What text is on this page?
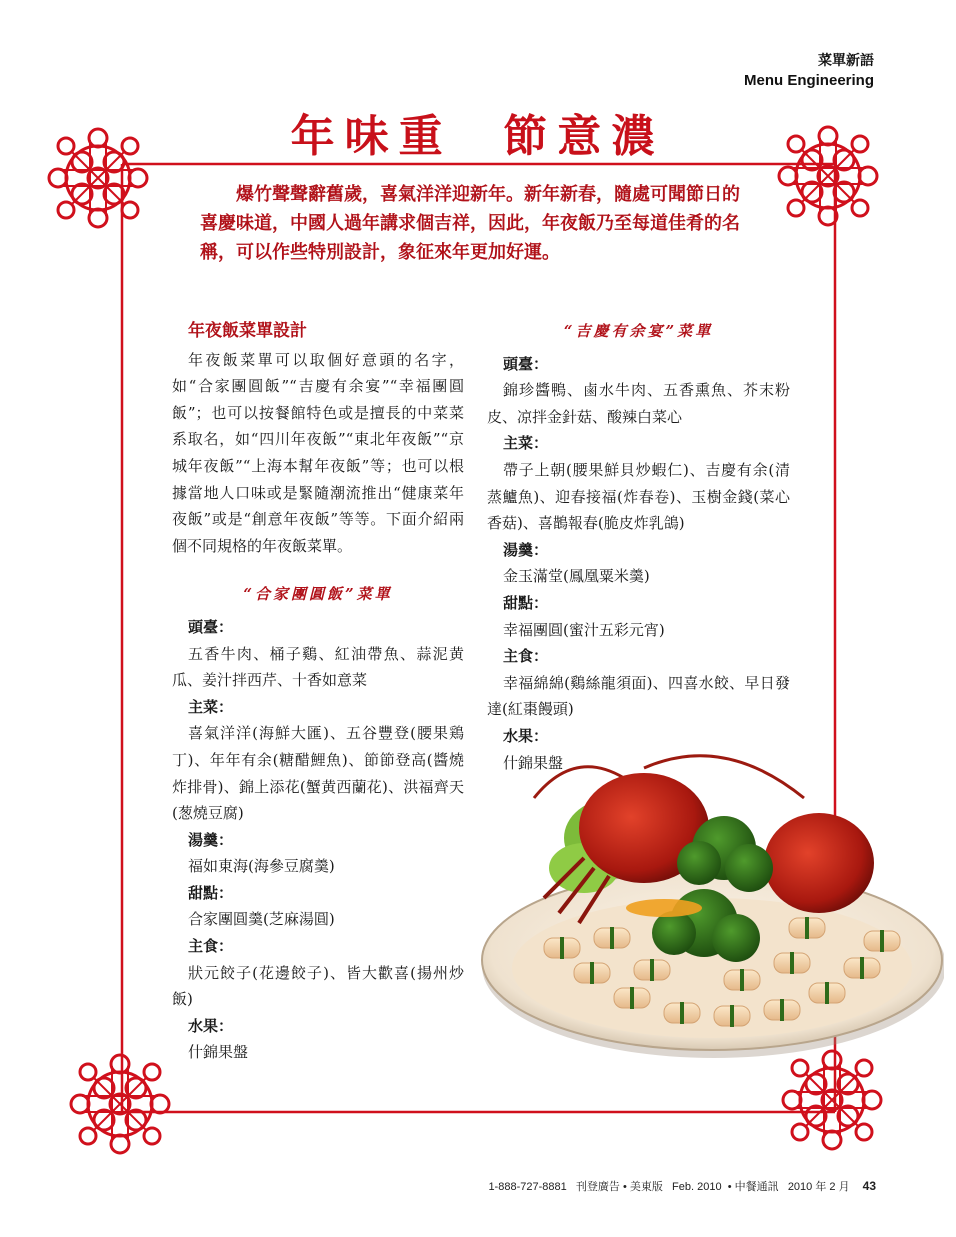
菜單新語
Menu Engineering
年味重  節意濃
爆竹聲聲辭舊歲，喜氣洋洋迎新年。新年新春，隨處可聞節日的喜慶味道，中國人過年講求個吉祥，因此，年夜飯乃至每道佳肴的名稱，可以作些特別設計，象征來年更加好運。
年夜飯菜單設計
年夜飯菜單可以取個好意頭的名字，如“合家團圓飯”“吉慶有余宴”“幸福團圓飯”；也可以按餐館特色或是擅長的中菜菜系取名，如“四川年夜飯”“東北年夜飯”“京城年夜飯”“上海本幫年夜飯”等；也可以根據當地人口味或是緊隨潮流推出“健康菜年夜飯”或是“創意年夜飯”等等。下面介紹兩個不同規格的年夜飯菜單。
“合家團圓飯”菜單
頭臺：
五香牛肉、桶子鷄、紅油帶魚、蒜泥黄瓜、姜汁拌西芹、十香如意菜
主菜：
喜氣洋洋(海鮮大匯)、五谷豐登(腰果鶏丁)、年年有余(糖醋鯉魚)、節節登高(醬燒炸排骨)、錦上添花(蟹黄西蘭花)、洪福齊天(葱燒豆腐)
湯羹：
福如東海(海參豆腐羹)
甜點：
合家團圓羹(芝麻湯圓)
主食：
狀元餃子(花邊餃子)、皆大歡喜(揚州炒飯)
水果：
什錦果盤
“吉慶有余宴”菜單
頭臺：
錦珍醬鴨、鹵水牛肉、五香熏魚、芥末粉皮、凉拌金針菇、酸辣白菜心
主菜：
帶子上朝(腰果鮮貝炒蝦仁)、吉慶有余(清蒸鱸魚)、迎春接福(炸春卷)、玉樹金錢(菜心香菇)、喜鵲報春(脆皮炸乳鴿)
湯羹：
金玉滿堂(鳳凰粟米羹)
甜點：
幸福團圓(蜜汁五彩元宵)
主食：
幸福綿綿(鷄絲龍須面)、四喜水餃、早日發達(紅棗饅頭)
水果：
什錦果盤
1-888-727-8881 刊登廣告 • 美東版 Feb. 2010 • 中餐通訊 2010 年 2 月 43
